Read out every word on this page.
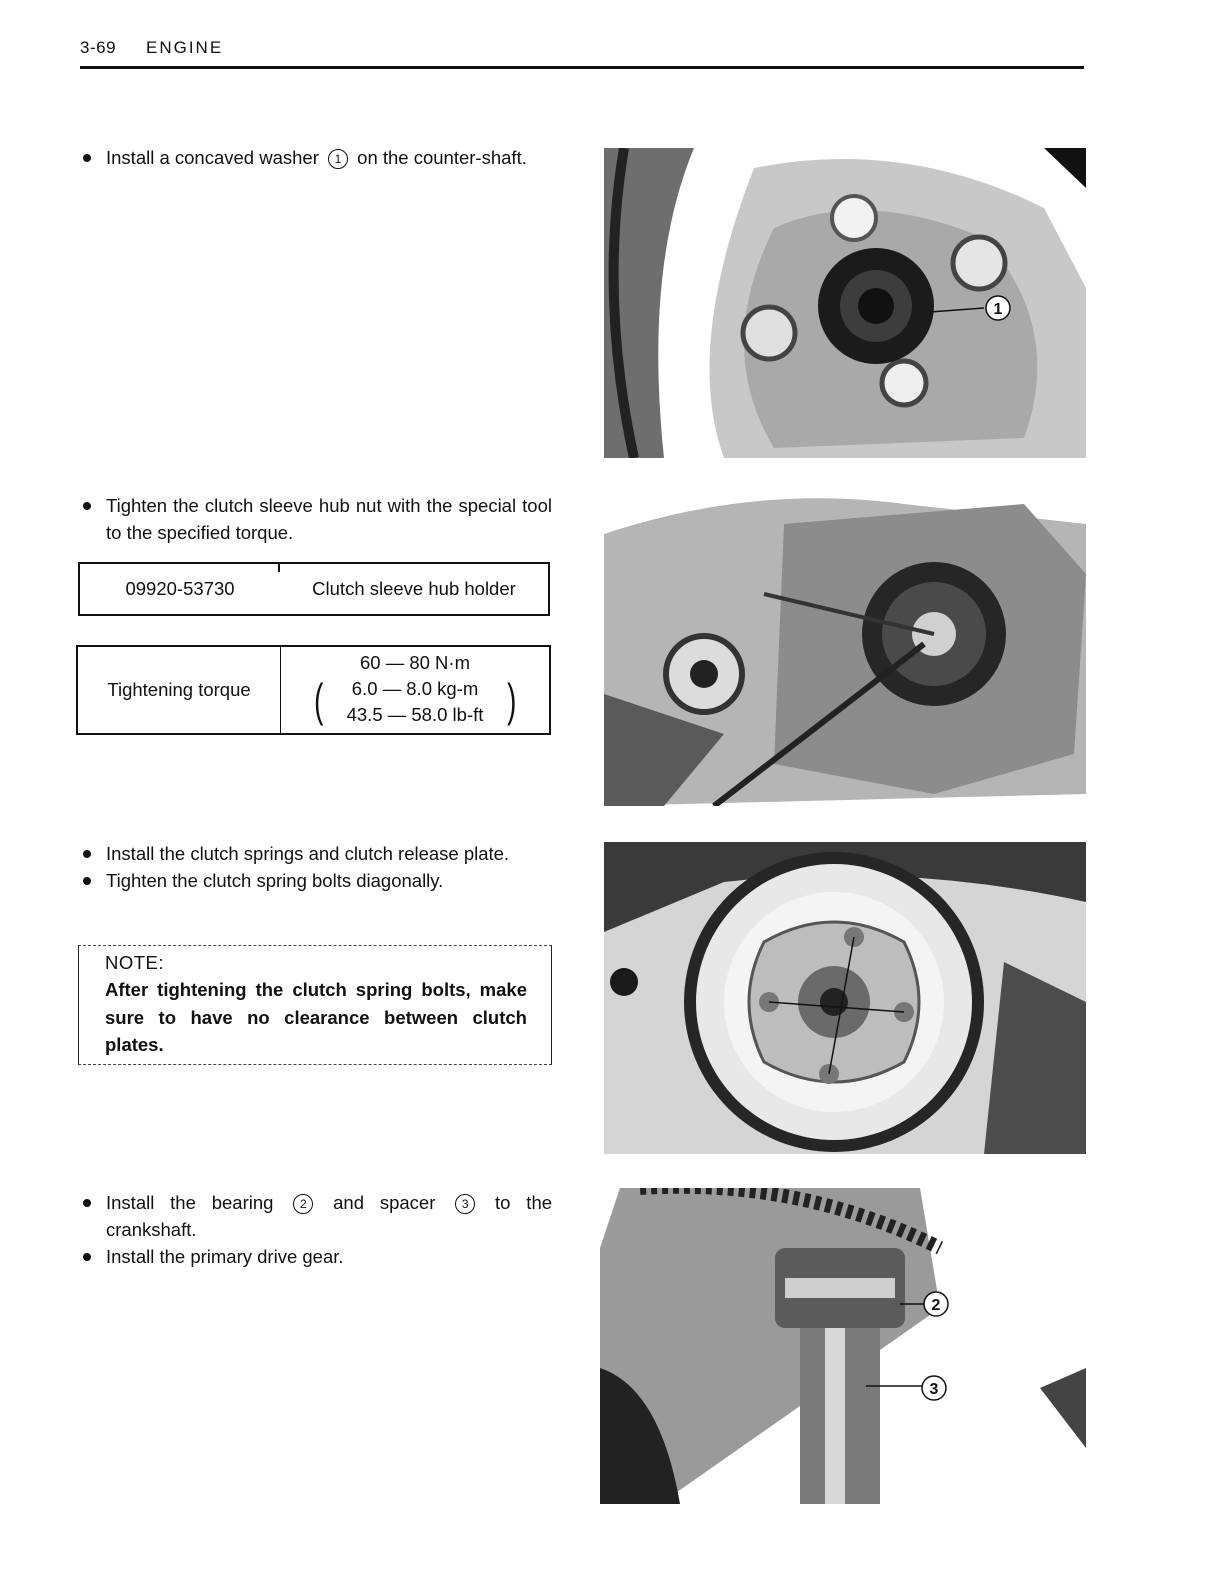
3-69 ENGINE
Install a concaved washer 1 on the counter-shaft.
Tighten the clutch sleeve hub nut with the special tool to the specified torque.
09920-53730	Clutch sleeve hub holder
Tightening torque
60 — 80 N·m
6.0 — 8.0 kg-m
43.5 — 58.0 lb-ft
(	)
Install the clutch springs and clutch release plate.
Tighten the clutch spring bolts diagonally.
NOTE:
After tightening the clutch spring bolts, make sure to have no clearance between clutch plates.
Install the bearing 2 and spacer 3 to the crankshaft.
Install the primary drive gear.
1
2
3
